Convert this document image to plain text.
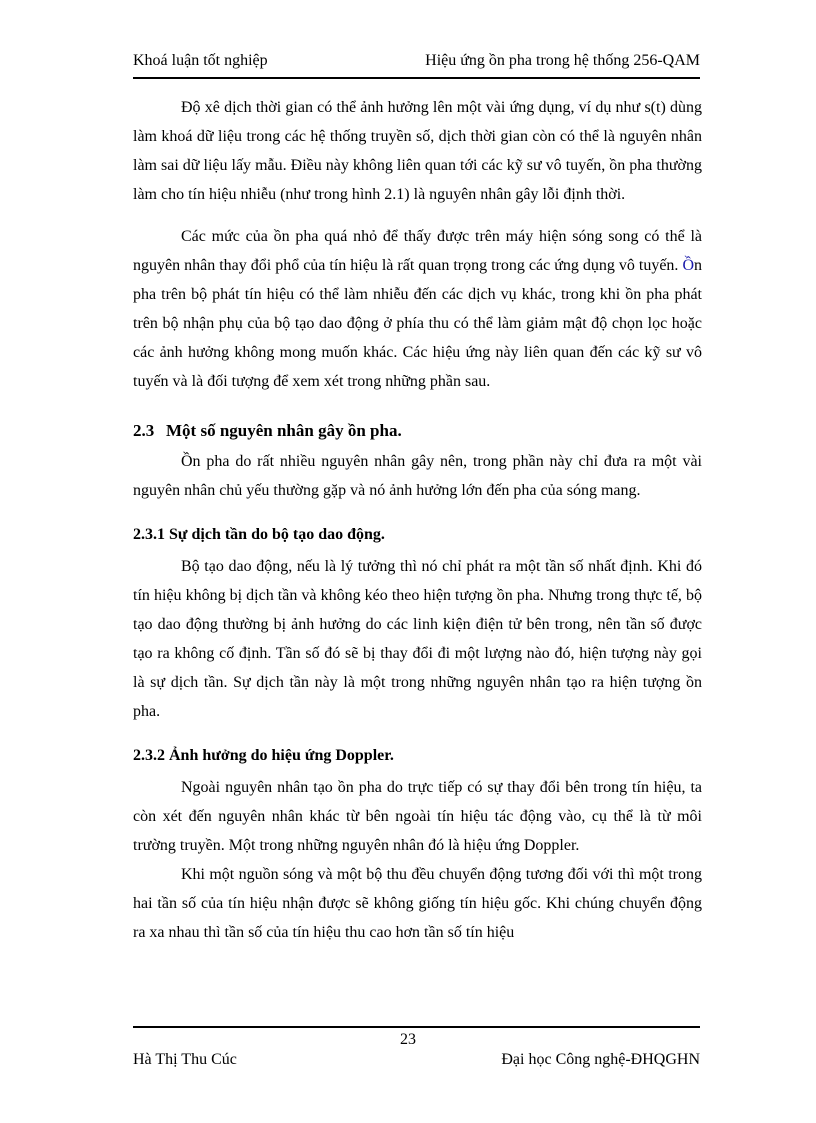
Khoá luận tốt nghiệp	Hiệu ứng ồn pha trong hệ thống 256-QAM

Độ xê dịch thời gian có thể ảnh hưởng lên một vài ứng dụng, ví dụ như s(t) dùng làm khoá dữ liệu trong các hệ thống truyền số, dịch thời gian còn có thể là nguyên nhân làm sai dữ liệu lấy mẫu. Điều này không liên quan tới các kỹ sư vô tuyến, ồn pha thường làm cho tín hiệu nhiễu (như trong hình 2.1) là nguyên nhân gây lỗi định thời.

Các mức của ồn pha quá nhỏ để thấy được trên máy hiện sóng song có thể là nguyên nhân thay đổi phổ của tín hiệu là rất quan trọng trong các ứng dụng vô tuyến. Ồn pha trên bộ phát tín hiệu có thể làm nhiễu đến các dịch vụ khác, trong khi ồn pha phát trên bộ nhận phụ của bộ tạo dao động ở phía thu có thể làm giảm mật độ chọn lọc hoặc các ảnh hưởng không mong muốn khác. Các hiệu ứng này liên quan đến các kỹ sư vô tuyến và là đối tượng để xem xét trong những phần sau.

2.3 Một số nguyên nhân gây ồn pha.

Ồn pha do rất nhiều nguyên nhân gây nên, trong phần này chỉ đưa ra một vài nguyên nhân chủ yếu thường gặp và nó ảnh hưởng lớn đến pha của sóng mang.

2.3.1 Sự dịch tần do bộ tạo dao động.

Bộ tạo dao động, nếu là lý tưởng thì nó chỉ phát ra một tần số nhất định. Khi đó tín hiệu không bị dịch tần và không kéo theo hiện tượng ồn pha. Nhưng trong thực tế, bộ tạo dao động thường bị ảnh hưởng do các linh kiện điện tử bên trong, nên tần số được tạo ra không cố định. Tần số đó sẽ bị thay đổi đi một lượng nào đó, hiện tượng này gọi là sự dịch tần. Sự dịch tần này là một trong những nguyên nhân tạo ra hiện tượng ồn pha.

2.3.2 Ảnh hưởng do hiệu ứng Doppler.

Ngoài nguyên nhân tạo ồn pha do trực tiếp có sự thay đổi bên trong tín hiệu, ta còn xét đến nguyên nhân khác từ bên ngoài tín hiệu tác động vào, cụ thể là từ môi trường truyền. Một trong những nguyên nhân đó là hiệu ứng Doppler.

Khi một nguồn sóng và một bộ thu đều chuyển động tương đối với thì một trong hai tần số của tín hiệu nhận được sẽ không giống tín hiệu gốc. Khi chúng chuyển động ra xa nhau thì tần số của tín hiệu thu cao hơn tần số tín hiệu

23
Hà Thị Thu Cúc	Đại học Công nghệ-ĐHQGHN
